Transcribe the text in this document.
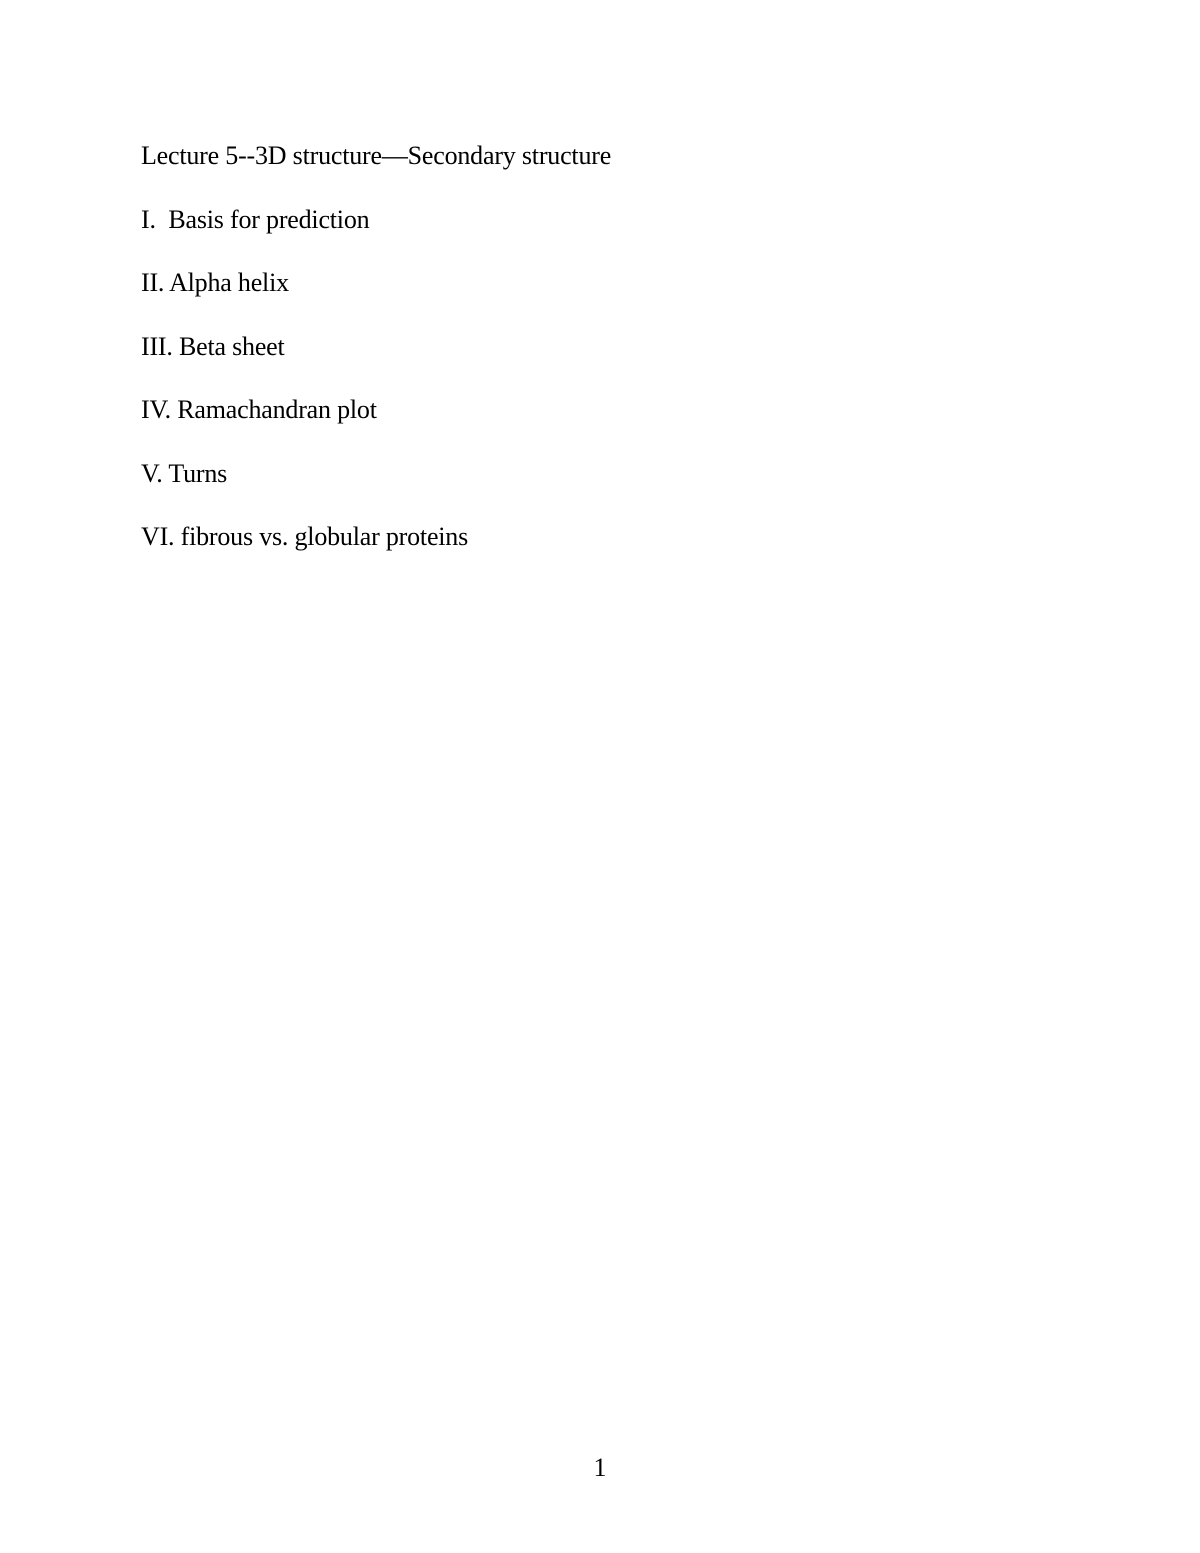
Lecture 5--3D structure—Secondary structure
I.  Basis for prediction
II. Alpha helix
III. Beta sheet
IV. Ramachandran plot
V. Turns
VI. fibrous vs. globular proteins
1
